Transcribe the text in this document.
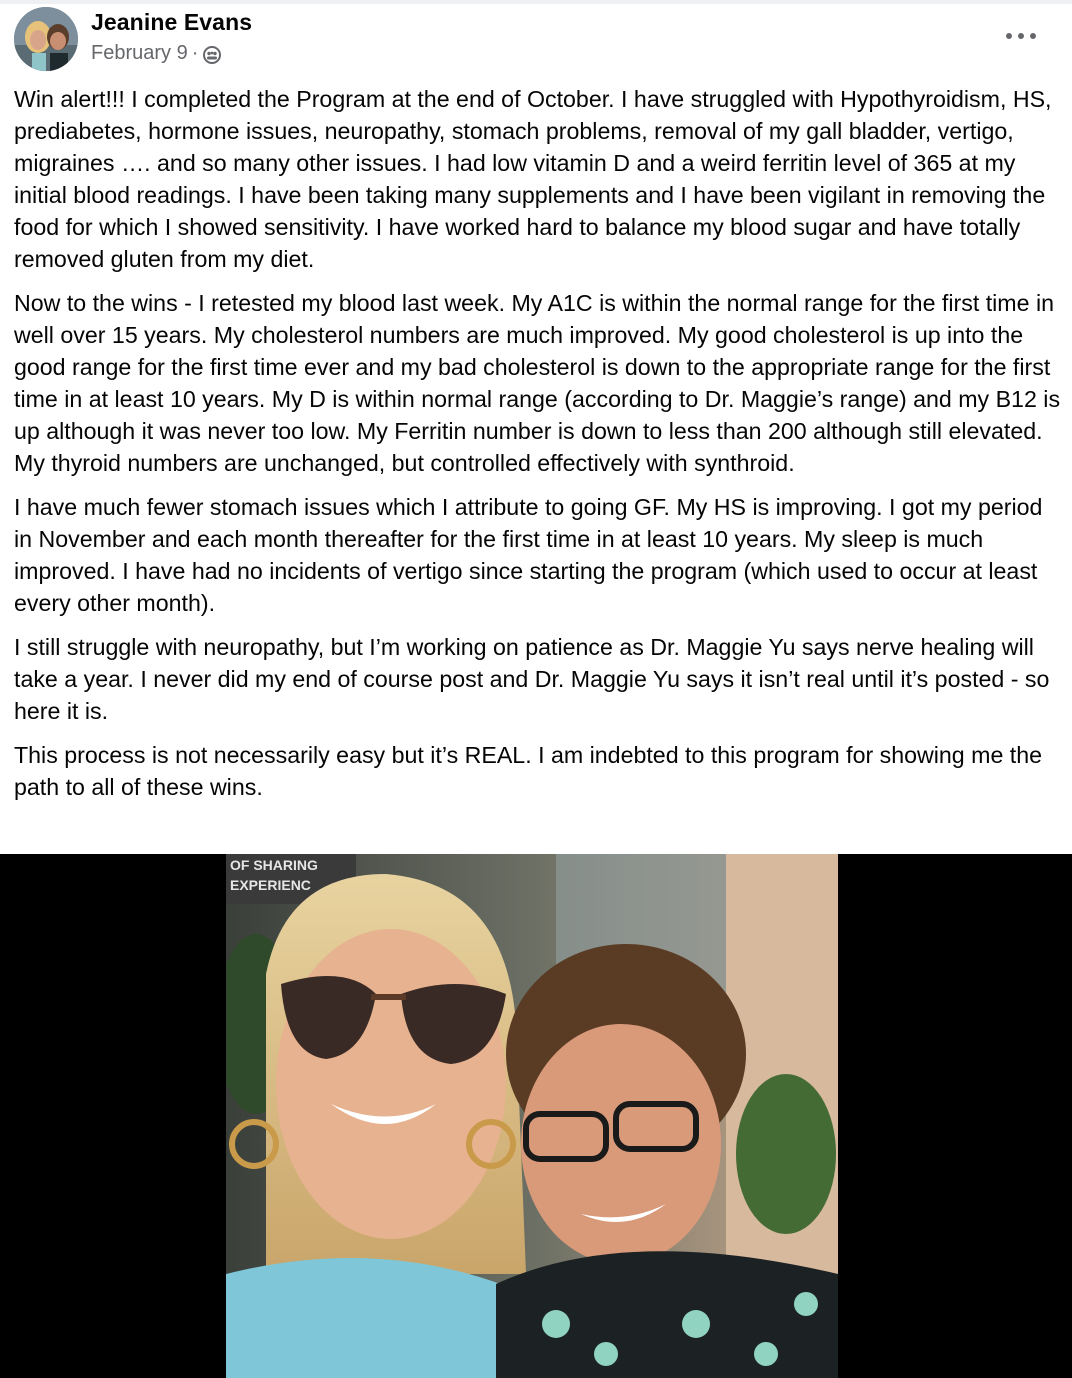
Jeanine Evans
February 9 ·

Win alert!!! I completed the Program at the end of October. I have struggled with Hypothyroidism, HS, prediabetes, hormone issues, neuropathy, stomach problems, removal of my gall bladder, vertigo, migraines …. and so many other issues. I had low vitamin D and a weird ferritin level of 365 at my initial blood readings. I have been taking many supplements and I have been vigilant in removing the food for which I showed sensitivity. I have worked hard to balance my blood sugar and have totally removed gluten from my diet.

Now to the wins - I retested my blood last week. My A1C is within the normal range for the first time in well over 15 years. My cholesterol numbers are much improved. My good cholesterol is up into the good range for the first time ever and my bad cholesterol is down to the appropriate range for the first time in at least 10 years. My D is within normal range (according to Dr. Maggie’s range) and my B12 is up although it was never too low. My Ferritin number is down to less than 200 although still elevated. My thyroid numbers are unchanged, but controlled effectively with synthroid.

I have much fewer stomach issues which I attribute to going GF. My HS is improving. I got my period in November and each month thereafter for the first time in at least 10 years. My sleep is much improved. I have had no incidents of vertigo since starting the program (which used to occur at least every other month).

I still struggle with neuropathy, but I’m working on patience as Dr. Maggie Yu says nerve healing will take a year. I never did my end of course post and Dr. Maggie Yu says it isn’t real until it’s posted - so here it is.

This process is not necessarily easy but it’s REAL. I am indebted to this program for showing me the path to all of these wins.

OF SHARING
EXPERIENC
